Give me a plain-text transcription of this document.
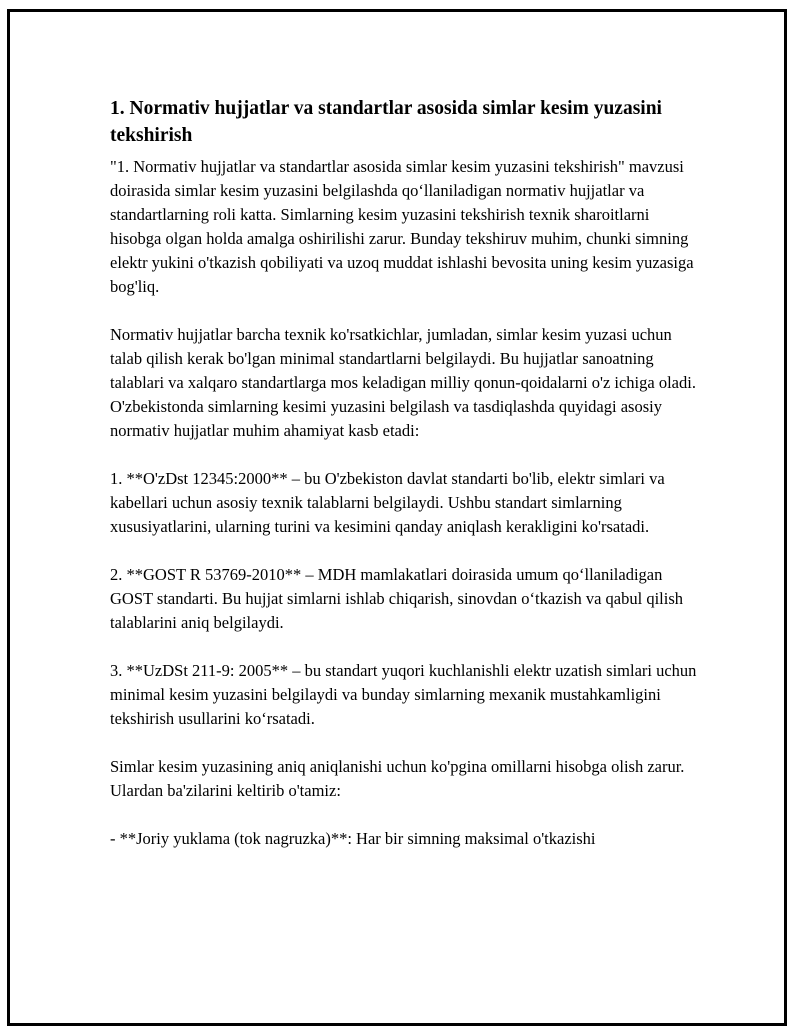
1. Normativ hujjatlar va standartlar asosida simlar kesim yuzasini tekshirish

"1. Normativ hujjatlar va standartlar asosida simlar kesim yuzasini tekshirish" mavzusi doirasida simlar kesim yuzasini belgilashda qo‘llaniladigan normativ hujjatlar va standartlarning roli katta. Simlarning kesim yuzasini tekshirish texnik sharoitlarni hisobga olgan holda amalga oshirilishi zarur. Bunday tekshiruv muhim, chunki simning elektr yukini o'tkazish qobiliyati va uzoq muddat ishlashi bevosita uning kesim yuzasiga bog'liq.

Normativ hujjatlar barcha texnik ko'rsatkichlar, jumladan, simlar kesim yuzasi uchun talab qilish kerak bo'lgan minimal standartlarni belgilaydi. Bu hujjatlar sanoatning talablari va xalqaro standartlarga mos keladigan milliy qonun-qoidalarni o'z ichiga oladi. O'zbekistonda simlarning kesimi yuzasini belgilash va tasdiqlashda quyidagi asosiy normativ hujjatlar muhim ahamiyat kasb etadi:

1. **O'zDst 12345:2000** – bu O'zbekiston davlat standarti bo'lib, elektr simlari va kabellari uchun asosiy texnik talablarni belgilaydi. Ushbu standart simlarning xususiyatlarini, ularning turini va kesimini qanday aniqlash kerakligini ko'rsatadi.

2. **GOST R 53769-2010** – MDH mamlakatlari doirasida umum qo‘llaniladigan GOST standarti. Bu hujjat simlarni ishlab chiqarish, sinovdan o‘tkazish va qabul qilish talablarini aniq belgilaydi.

3. **UzDSt 211-9: 2005** – bu standart yuqori kuchlanishli elektr uzatish simlari uchun minimal kesim yuzasini belgilaydi va bunday simlarning mexanik mustahkamligini tekshirish usullarini ko‘rsatadi.

Simlar kesim yuzasining aniq aniqlanishi uchun ko'pgina omillarni hisobga olish zarur. Ulardan ba'zilarini keltirib o'tamiz:

- **Joriy yuklama (tok nagruzka)**: Har bir simning maksimal o'tkazishi
